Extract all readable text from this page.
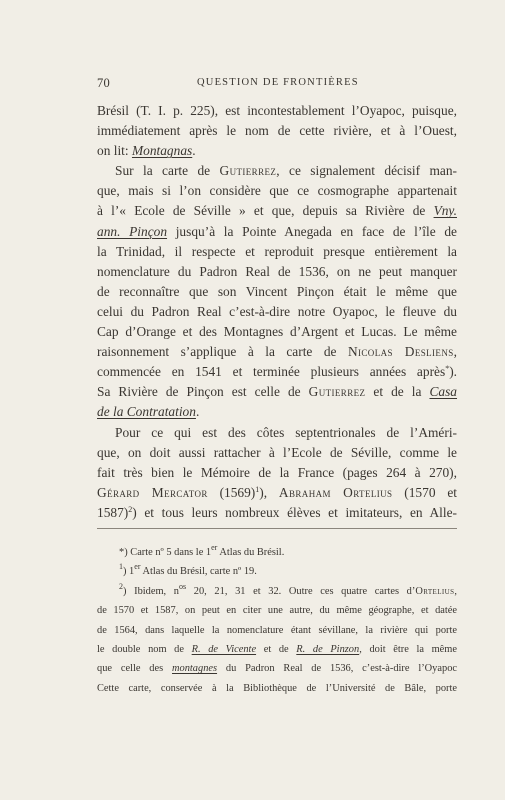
70	QUESTION DE FRONTIÈRES
Brésil (T. I. p. 225), est incontestablement l’Oyapoc, puisque,
immédiatement après le nom de cette rivière, et à l’Ouest,
on lit: Montagnas.
Sur la carte de Gutierrez, ce signalement décisif man-
que, mais si l’on considère que ce cosmographe appartenait
à l’« Ecole de Séville » et que, depuis sa Rivière de Vny.
ann. Pinçon jusqu’à la Pointe Anegada en face de l’île de
la Trinidad, il respecte et reproduit presque entièrement la
nomenclature du Padron Real de 1536, on ne peut manquer
de reconnaître que son Vincent Pinçon était le même que
celui du Padron Real c’est-à-dire notre Oyapoc, le fleuve du
Cap d’Orange et des Montagnes d’Argent et Lucas. Le même
raisonnement s’applique à la carte de Nicolas Desliens,
commencée en 1541 et terminée plusieurs années après*).
Sa Rivière de Pinçon est celle de Gutierrez et de la Casa
de la Contratation.
Pour ce qui est des côtes septentrionales de l’Améri-
que, on doit aussi rattacher à l’Ecole de Séville, comme le
fait très bien le Mémoire de la France (pages 264 à 270),
Gérard Mercator $(1569)^1$), Abraham Ortelius (1570 et
1587)$^2$) et tous leurs nombreux élèves et imitateurs, en Alle-
*) Carte nº 5 dans le 1er Atlas du Brésil.
$^1$) 1er Atlas du Brésil, carte nº 19.
$^2$) Ibidem, $n^{os}$ 20, 21, 31 et 32. Outre ces quatre cartes d’Ortelius,
de 1570 et 1587, on peut en citer une autre, du même géographe, et datée
de 1564, dans laquelle la nomenclature étant sévillane, la rivière qui porte
le double nom de R. de Vicente et de R. de Pinzon, doit être la même
que celle des montagnes du Padron Real de 1536, c’est-à-dire l’Oyapoc
Cette carte, conservée à la Bibliothèque de l’Université de Bâle, porte
